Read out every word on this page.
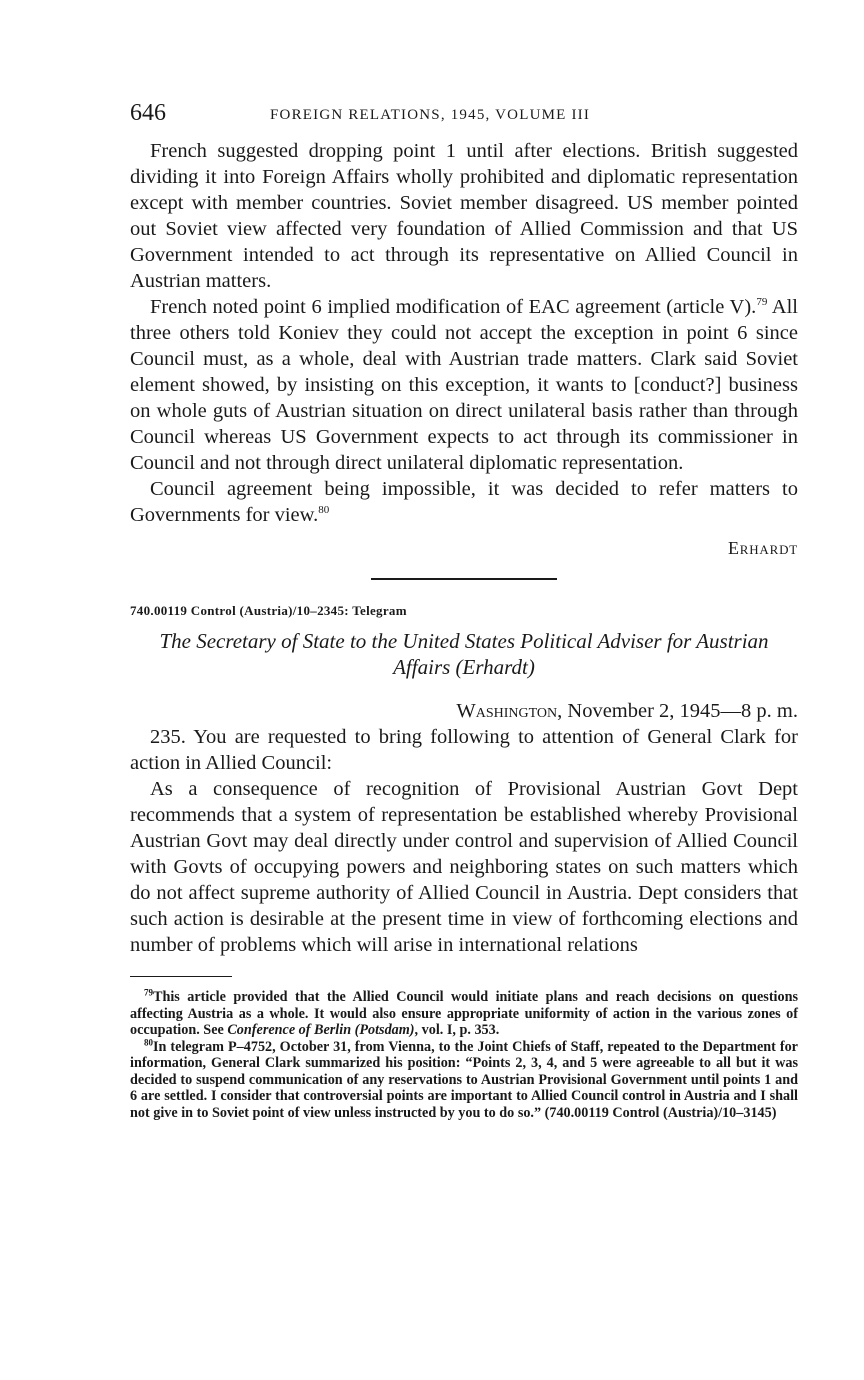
646	FOREIGN RELATIONS, 1945, VOLUME III

French suggested dropping point 1 until after elections. British suggested dividing it into Foreign Affairs wholly prohibited and diplomatic representation except with member countries. Soviet member disagreed. US member pointed out Soviet view affected very foundation of Allied Commission and that US Government intended to act through its representative on Allied Council in Austrian matters.

French noted point 6 implied modification of EAC agreement (article V).$^{79}$ All three others told Koniev they could not accept the exception in point 6 since Council must, as a whole, deal with Austrian trade matters. Clark said Soviet element showed, by insisting on this exception, it wants to [conduct?] business on whole guts of Austrian situation on direct unilateral basis rather than through Council whereas US Government expects to act through its commissioner in Council and not through direct unilateral diplomatic representation.

Council agreement being impossible, it was decided to refer matters to Governments for view.$^{80}$

Erhardt
740.00119 Control (Austria)/10–2345: Telegram
The Secretary of State to the United States Political Adviser for Austrian Affairs (Erhardt)
Washington, November 2, 1945—8 p. m.

235. You are requested to bring following to attention of General Clark for action in Allied Council:

As a consequence of recognition of Provisional Austrian Govt Dept recommends that a system of representation be established whereby Provisional Austrian Govt may deal directly under control and supervision of Allied Council with Govts of occupying powers and neighboring states on such matters which do not affect supreme authority of Allied Council in Austria. Dept considers that such action is desirable at the present time in view of forthcoming elections and number of problems which will arise in international relations

$^{79}$This article provided that the Allied Council would initiate plans and reach decisions on questions affecting Austria as a whole. It would also ensure appropriate uniformity of action in the various zones of occupation. See Conference of Berlin (Potsdam), vol. I, p. 353.

$^{80}$In telegram P–4752, October 31, from Vienna, to the Joint Chiefs of Staff, repeated to the Department for information, General Clark summarized his position: “Points 2, 3, 4, and 5 were agreeable to all but it was decided to suspend communication of any reservations to Austrian Provisional Government until points 1 and 6 are settled. I consider that controversial points are important to Allied Council control in Austria and I shall not give in to Soviet point of view unless instructed by you to do so.” (740.00119 Control (Austria)/10–3145)
